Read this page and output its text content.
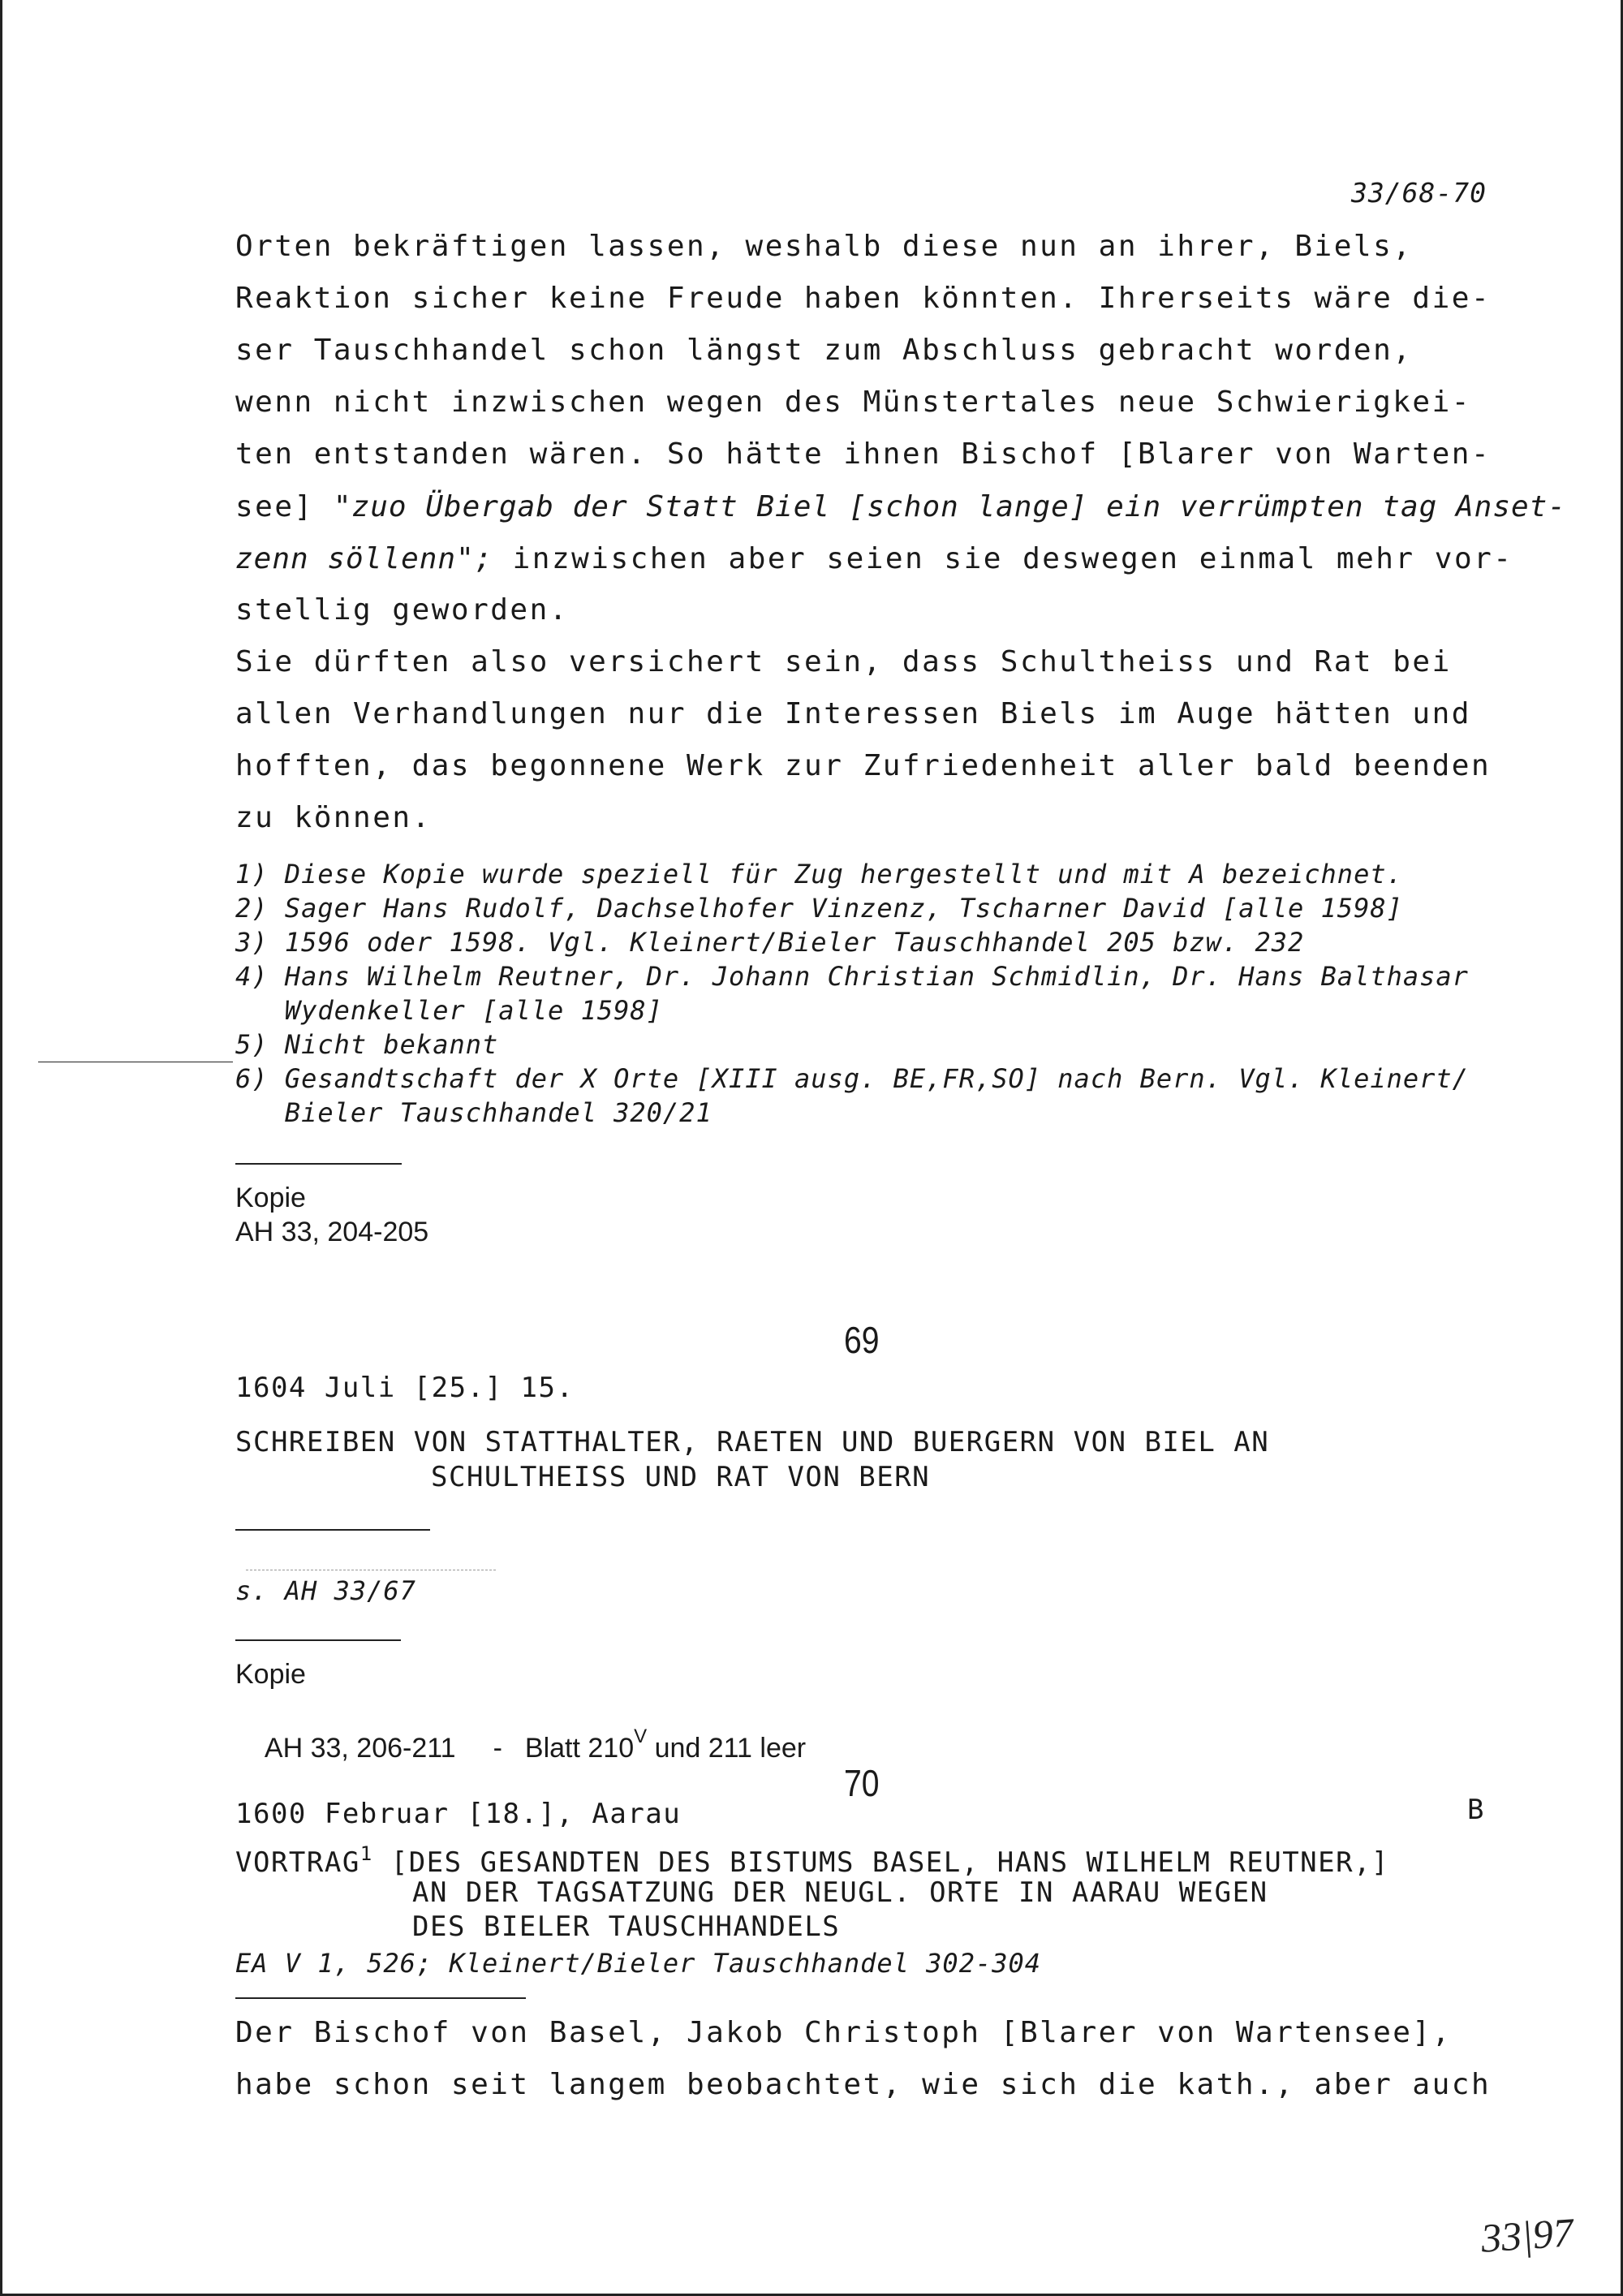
33/68-70
Orten bekräftigen lassen, weshalb diese nun an ihrer, Biels,
Reaktion sicher keine Freude haben könnten. Ihrerseits wäre die-
ser Tauschhandel schon längst zum Abschluss gebracht worden,
wenn nicht inzwischen wegen des Münstertales neue Schwierigkei-
ten entstanden wären. So hätte ihnen Bischof [Blarer von Warten-
see] "zuo Übergab der Statt Biel [schon lange] ein verrümpten tag Anset-
zenn söllenn"; inzwischen aber seien sie deswegen einmal mehr vor-
stellig geworden.
Sie dürften also versichert sein, dass Schultheiss und Rat bei
allen Verhandlungen nur die Interessen Biels im Auge hätten und
hofften, das begonnene Werk zur Zufriedenheit aller bald beenden
zu können.
1) Diese Kopie wurde speziell für Zug hergestellt und mit A bezeichnet.
2) Sager Hans Rudolf, Dachselhofer Vinzenz, Tscharner David [alle 1598]
3) 1596 oder 1598. Vgl. Kleinert/Bieler Tauschhandel 205 bzw. 232
4) Hans Wilhelm Reutner, Dr. Johann Christian Schmidlin, Dr. Hans Balthasar
Wydenkeller [alle 1598]
5) Nicht bekannt
6) Gesandtschaft der X Orte [XIII ausg. BE,FR,SO] nach Bern. Vgl. Kleinert/
Bieler Tauschhandel 320/21
Kopie
AH 33, 204-205
69
1604 Juli [25.] 15.
SCHREIBEN VON STATTHALTER, RAETEN UND BUERGERN VON BIEL AN
SCHULTHEISS UND RAT VON BERN
s. AH 33/67
Kopie

AH 33, 206-211 - Blatt $210^V$ und 211 leer

70
1600 Februar [18.], Aarau	B
VORTRAG$^1$ [DES GESANDTEN DES BISTUMS BASEL, HANS WILHELM REUTNER,]
AN DER TAGSATZUNG DER NEUGL. ORTE IN AARAU WEGEN
DES BIELER TAUSCHHANDELS
EA V 1, 526; Kleinert/Bieler Tauschhandel 302-304
Der Bischof von Basel, Jakob Christoph [Blarer von Wartensee],
habe schon seit langem beobachtet, wie sich die kath., aber auch
33|97
